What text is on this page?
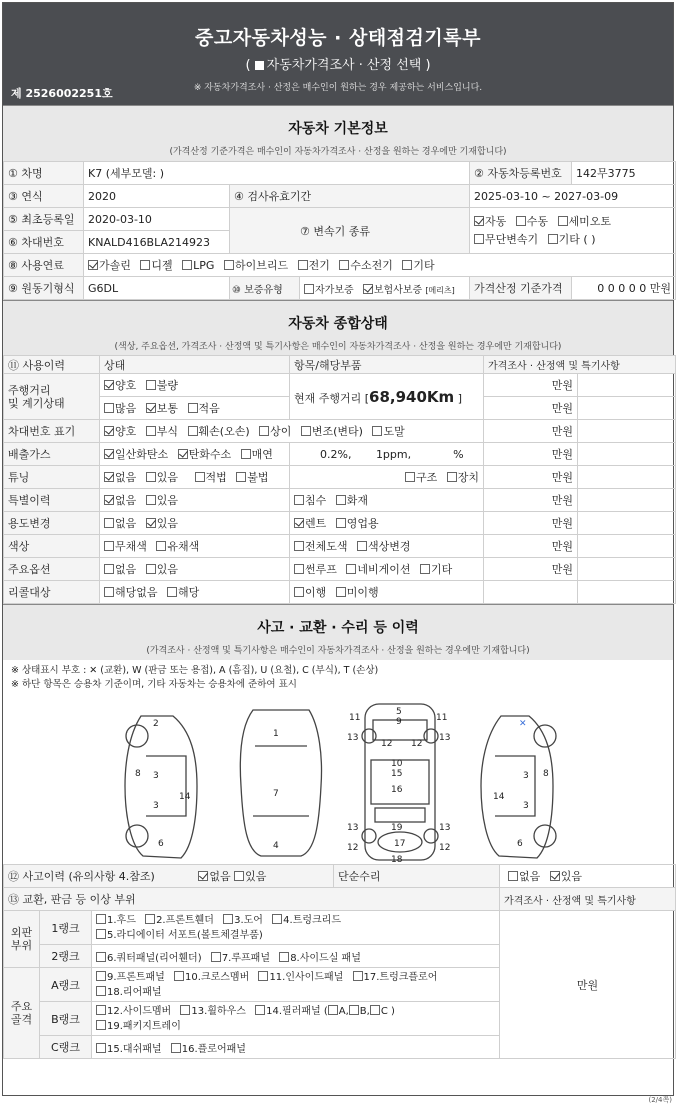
중고자동차성능 · 상태점검기록부
( 자동차가격조사 · 산정 선택 )
※ 자동차가격조사 · 산정은 매수인이 원하는 경우 제공하는 서비스입니다.
제 2526002251호
자동차 기본정보
(가격산정 기준가격은 매수인이 자동차가격조사 · 산정을 원하는 경우에만 기재합니다)
① 차명	K7 (세부모델: )			② 자동차등록번호	142무3775
③ 연식	2020	④ 검사유효기간		2025-03-10 ~ 2027-03-09	
⑤ 최초등록일	2020-03-10	⑦ 변속기 종류		자동 수동 세미오토
무단변속기 기타 ( )	
⑥ 차대번호	KNALD416BLA214923				
⑧ 사용연료	가솔린 디젤 LPG 하이브리드 전기 수소전기 기타				
⑨ 원동기형식	G6DL	⑩ 보증유형	자가보증 보험사보증 [메리츠]	가격산정 기준가격	0 0 0 0 0 만원
자동차 종합상태
(색상, 주요옵션, 가격조사 · 산정액 및 특기사항은 매수인이 자동차가격조사 · 산정을 원하는 경우에만 기재합니다)
⑪ 사용이력	상태	항목/해당부품	가격조사 · 산정액 및 특기사항	
주행거리
및 계기상태	양호 불량	현재 주행거리 [68,940Km ]	만원	
	많음 보통 적음		만원	
차대번호 표기	양호 부식 훼손(오손) 상이 변조(변타) 도말		만원	
배출가스	일산화탄소 탄화수소 매연	0.2%, 1ppm, %	만원	
튜닝	없음 있음 적법 불법	구조 장치	만원	
특별이력	없음 있음	침수 화재	만원	
용도변경	없음 있음	렌트 영업용	만원	
색상	무채색 유채색	전체도색 색상변경	만원	
주요옵션	없음 있음	썬루프 네비게이션 기타	만원	
리콜대상	해당없음 해당	이행 미이행		
사고 · 교환 · 수리 등 이력
(가격조사 · 산정액 및 특기사항은 매수인이 자동차가격조사 · 산정을 원하는 경우에만 기재합니다)
※ 상태표시 부호 : ✕ (교환), W (판금 또는 용접), A (흠집), U (요철), C (부식), T (손상)
※ 하단 항목은 승용차 기준이며, 기타 자동차는 승용차에 준하여 표시
2
3
3
8
14
6
1
7
4
5
9
11	11
13	13
12 12
10
15
16
13	13
19
12	12
17
18
✕
3
3
8
14
6
⑫ 사고이력 (유의사항 4.참조) 없음 있음			단순수리	없음 있음
⑬ 교환, 판금 등 이상 부위				가격조사 · 산정액 및 특기사항
외판
부위	1랭크	1.후드 2.프론트휀더 3.도어 4.트렁크리드
5.라디에이터 서포트(볼트체결부품)		만원
	2랭크	6.쿼터패널(리어휀더) 7.루프패널 8.사이드실 패널		
주요
골격	A랭크	9.프론트패널 10.크로스멤버 11.인사이드패널 17.트렁크플로어
18.리어패널		
	B랭크	12.사이드멤버 13.휠하우스 14.필러패널 ( A, B, C )
19.패키지트레이		
	C랭크	15.대쉬패널 16.플로어패널		
(2/4쪽)
